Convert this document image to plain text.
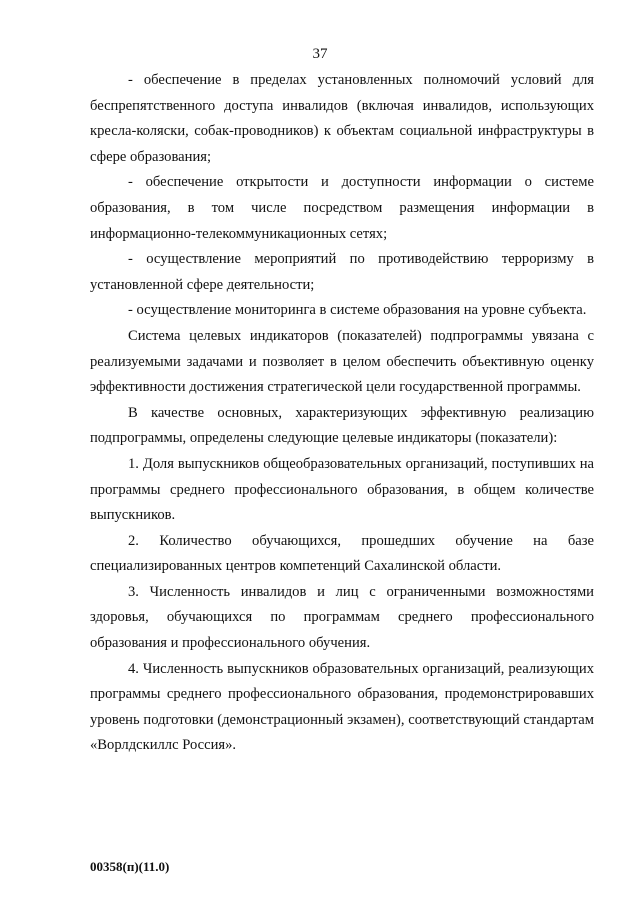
37

- обеспечение в пределах установленных полномочий условий для беспрепятственного доступа инвалидов (включая инвалидов, использующих кресла-коляски, собак-проводников) к объектам социальной инфраструктуры в сфере образования;

- обеспечение открытости и доступности информации о системе образования, в том числе посредством размещения информации в информационно-телекоммуникационных сетях;

- осуществление мероприятий по противодействию терроризму в установленной сфере деятельности;

- осуществление мониторинга в системе образования на уровне субъекта.

Система целевых индикаторов (показателей) подпрограммы увязана с реализуемыми задачами и позволяет в целом обеспечить объективную оценку эффективности достижения стратегической цели государственной программы.

В качестве основных, характеризующих эффективную реализацию подпрограммы, определены следующие целевые индикаторы (показатели):

1. Доля выпускников общеобразовательных организаций, поступивших на программы среднего профессионального образования, в общем количестве выпускников.

2. Количество обучающихся, прошедших обучение на базе специализированных центров компетенций Сахалинской области.

3. Численность инвалидов и лиц с ограниченными возможностями здоровья, обучающихся по программам среднего профессионального образования и профессионального обучения.

4. Численность выпускников образовательных организаций, реализующих программы среднего профессионального образования, продемонстрировавших уровень подготовки (демонстрационный экзамен), соответствующий стандартам «Ворлдскиллс Россия».

00358(п)(11.0)
